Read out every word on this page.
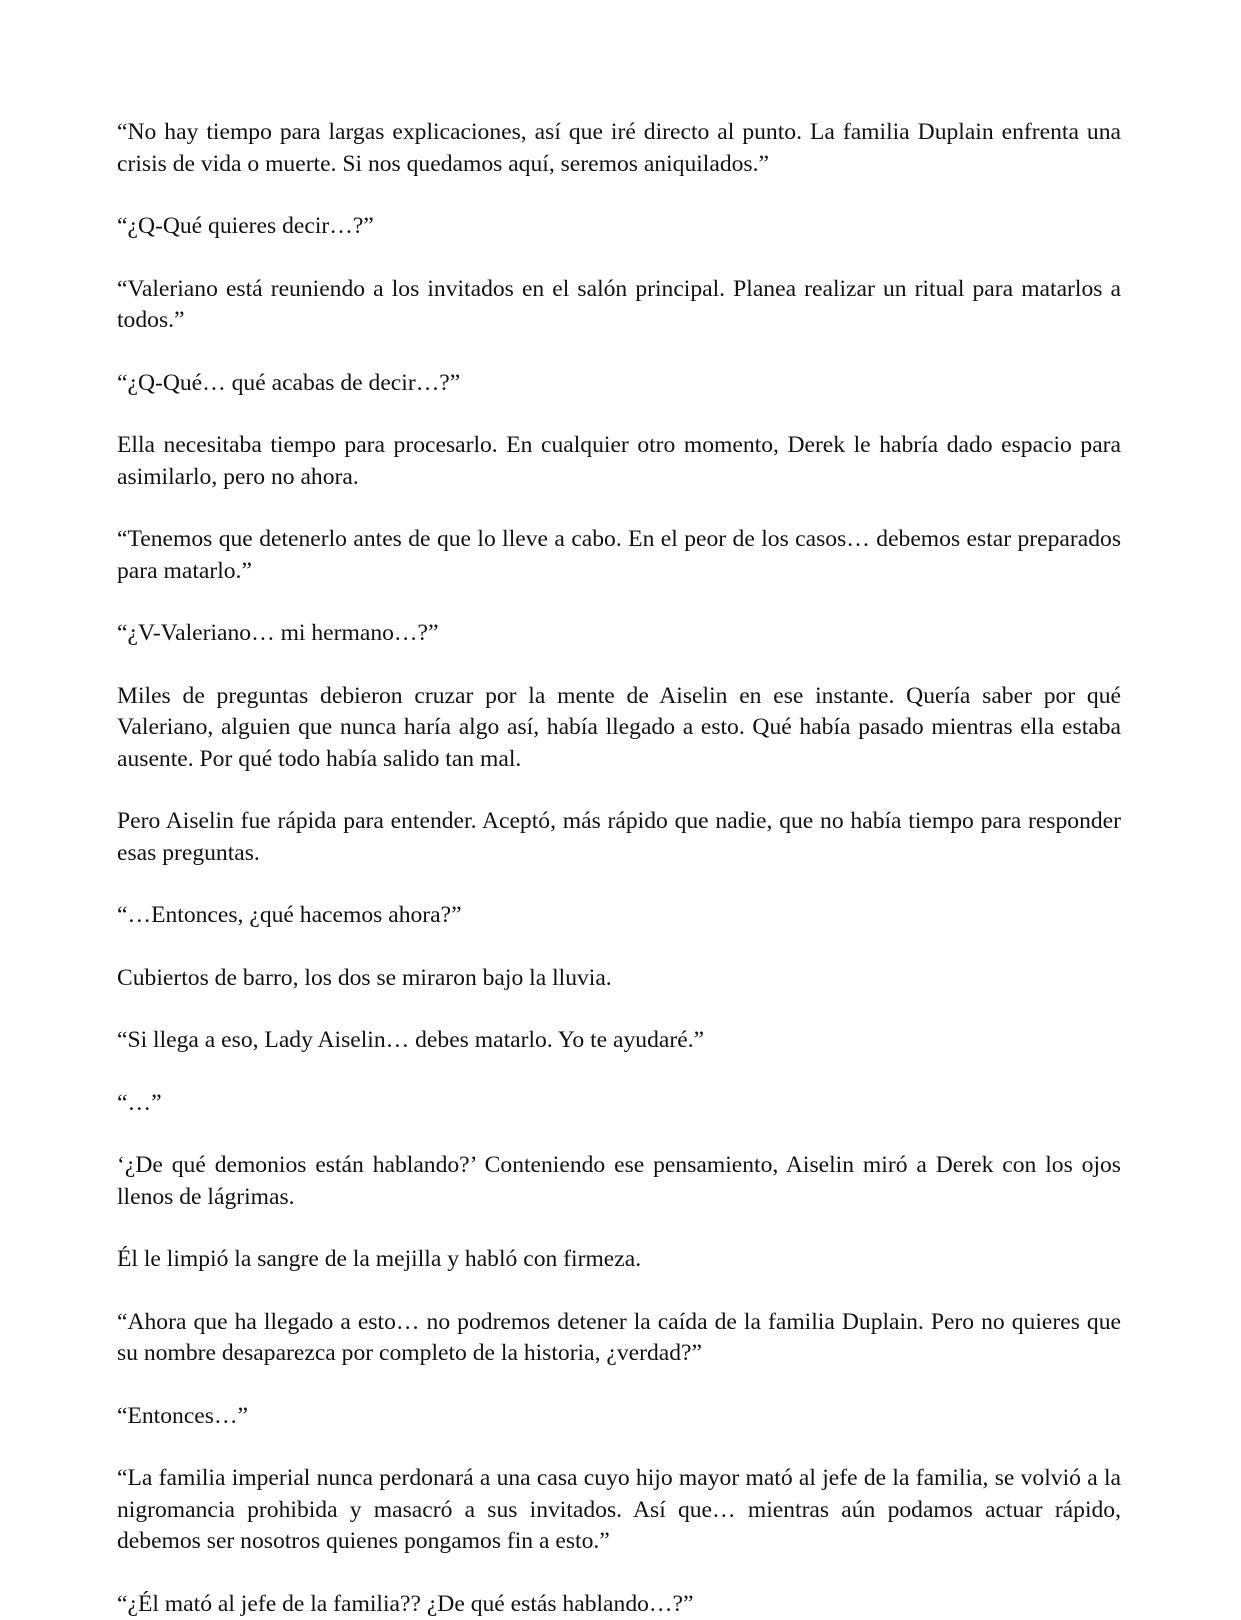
“No hay tiempo para largas explicaciones, así que iré directo al punto. La familia Duplain enfrenta una crisis de vida o muerte. Si nos quedamos aquí, seremos aniquilados.”

“¿Q-Qué quieres decir…?”

“Valeriano está reuniendo a los invitados en el salón principal. Planea realizar un ritual para matarlos a todos.”

“¿Q-Qué… qué acabas de decir…?”

Ella necesitaba tiempo para procesarlo. En cualquier otro momento, Derek le habría dado espacio para asimilarlo, pero no ahora.

“Tenemos que detenerlo antes de que lo lleve a cabo. En el peor de los casos… debemos estar preparados para matarlo.”

“¿V-Valeriano… mi hermano…?”

Miles de preguntas debieron cruzar por la mente de Aiselin en ese instante. Quería saber por qué Valeriano, alguien que nunca haría algo así, había llegado a esto. Qué había pasado mientras ella estaba ausente. Por qué todo había salido tan mal.

Pero Aiselin fue rápida para entender. Aceptó, más rápido que nadie, que no había tiempo para responder esas preguntas.

“…Entonces, ¿qué hacemos ahora?”

Cubiertos de barro, los dos se miraron bajo la lluvia.

“Si llega a eso, Lady Aiselin… debes matarlo. Yo te ayudaré.”

“…”

‘¿De qué demonios están hablando?’ Conteniendo ese pensamiento, Aiselin miró a Derek con los ojos llenos de lágrimas.

Él le limpió la sangre de la mejilla y habló con firmeza.

“Ahora que ha llegado a esto… no podremos detener la caída de la familia Duplain. Pero no quieres que su nombre desaparezca por completo de la historia, ¿verdad?”

“Entonces…”

“La familia imperial nunca perdonará a una casa cuyo hijo mayor mató al jefe de la familia, se volvió a la nigromancia prohibida y masacró a sus invitados. Así que… mientras aún podamos actuar rápido, debemos ser nosotros quienes pongamos fin a esto.”

“¿Él mató al jefe de la familia?? ¿De qué estás hablando…?”
